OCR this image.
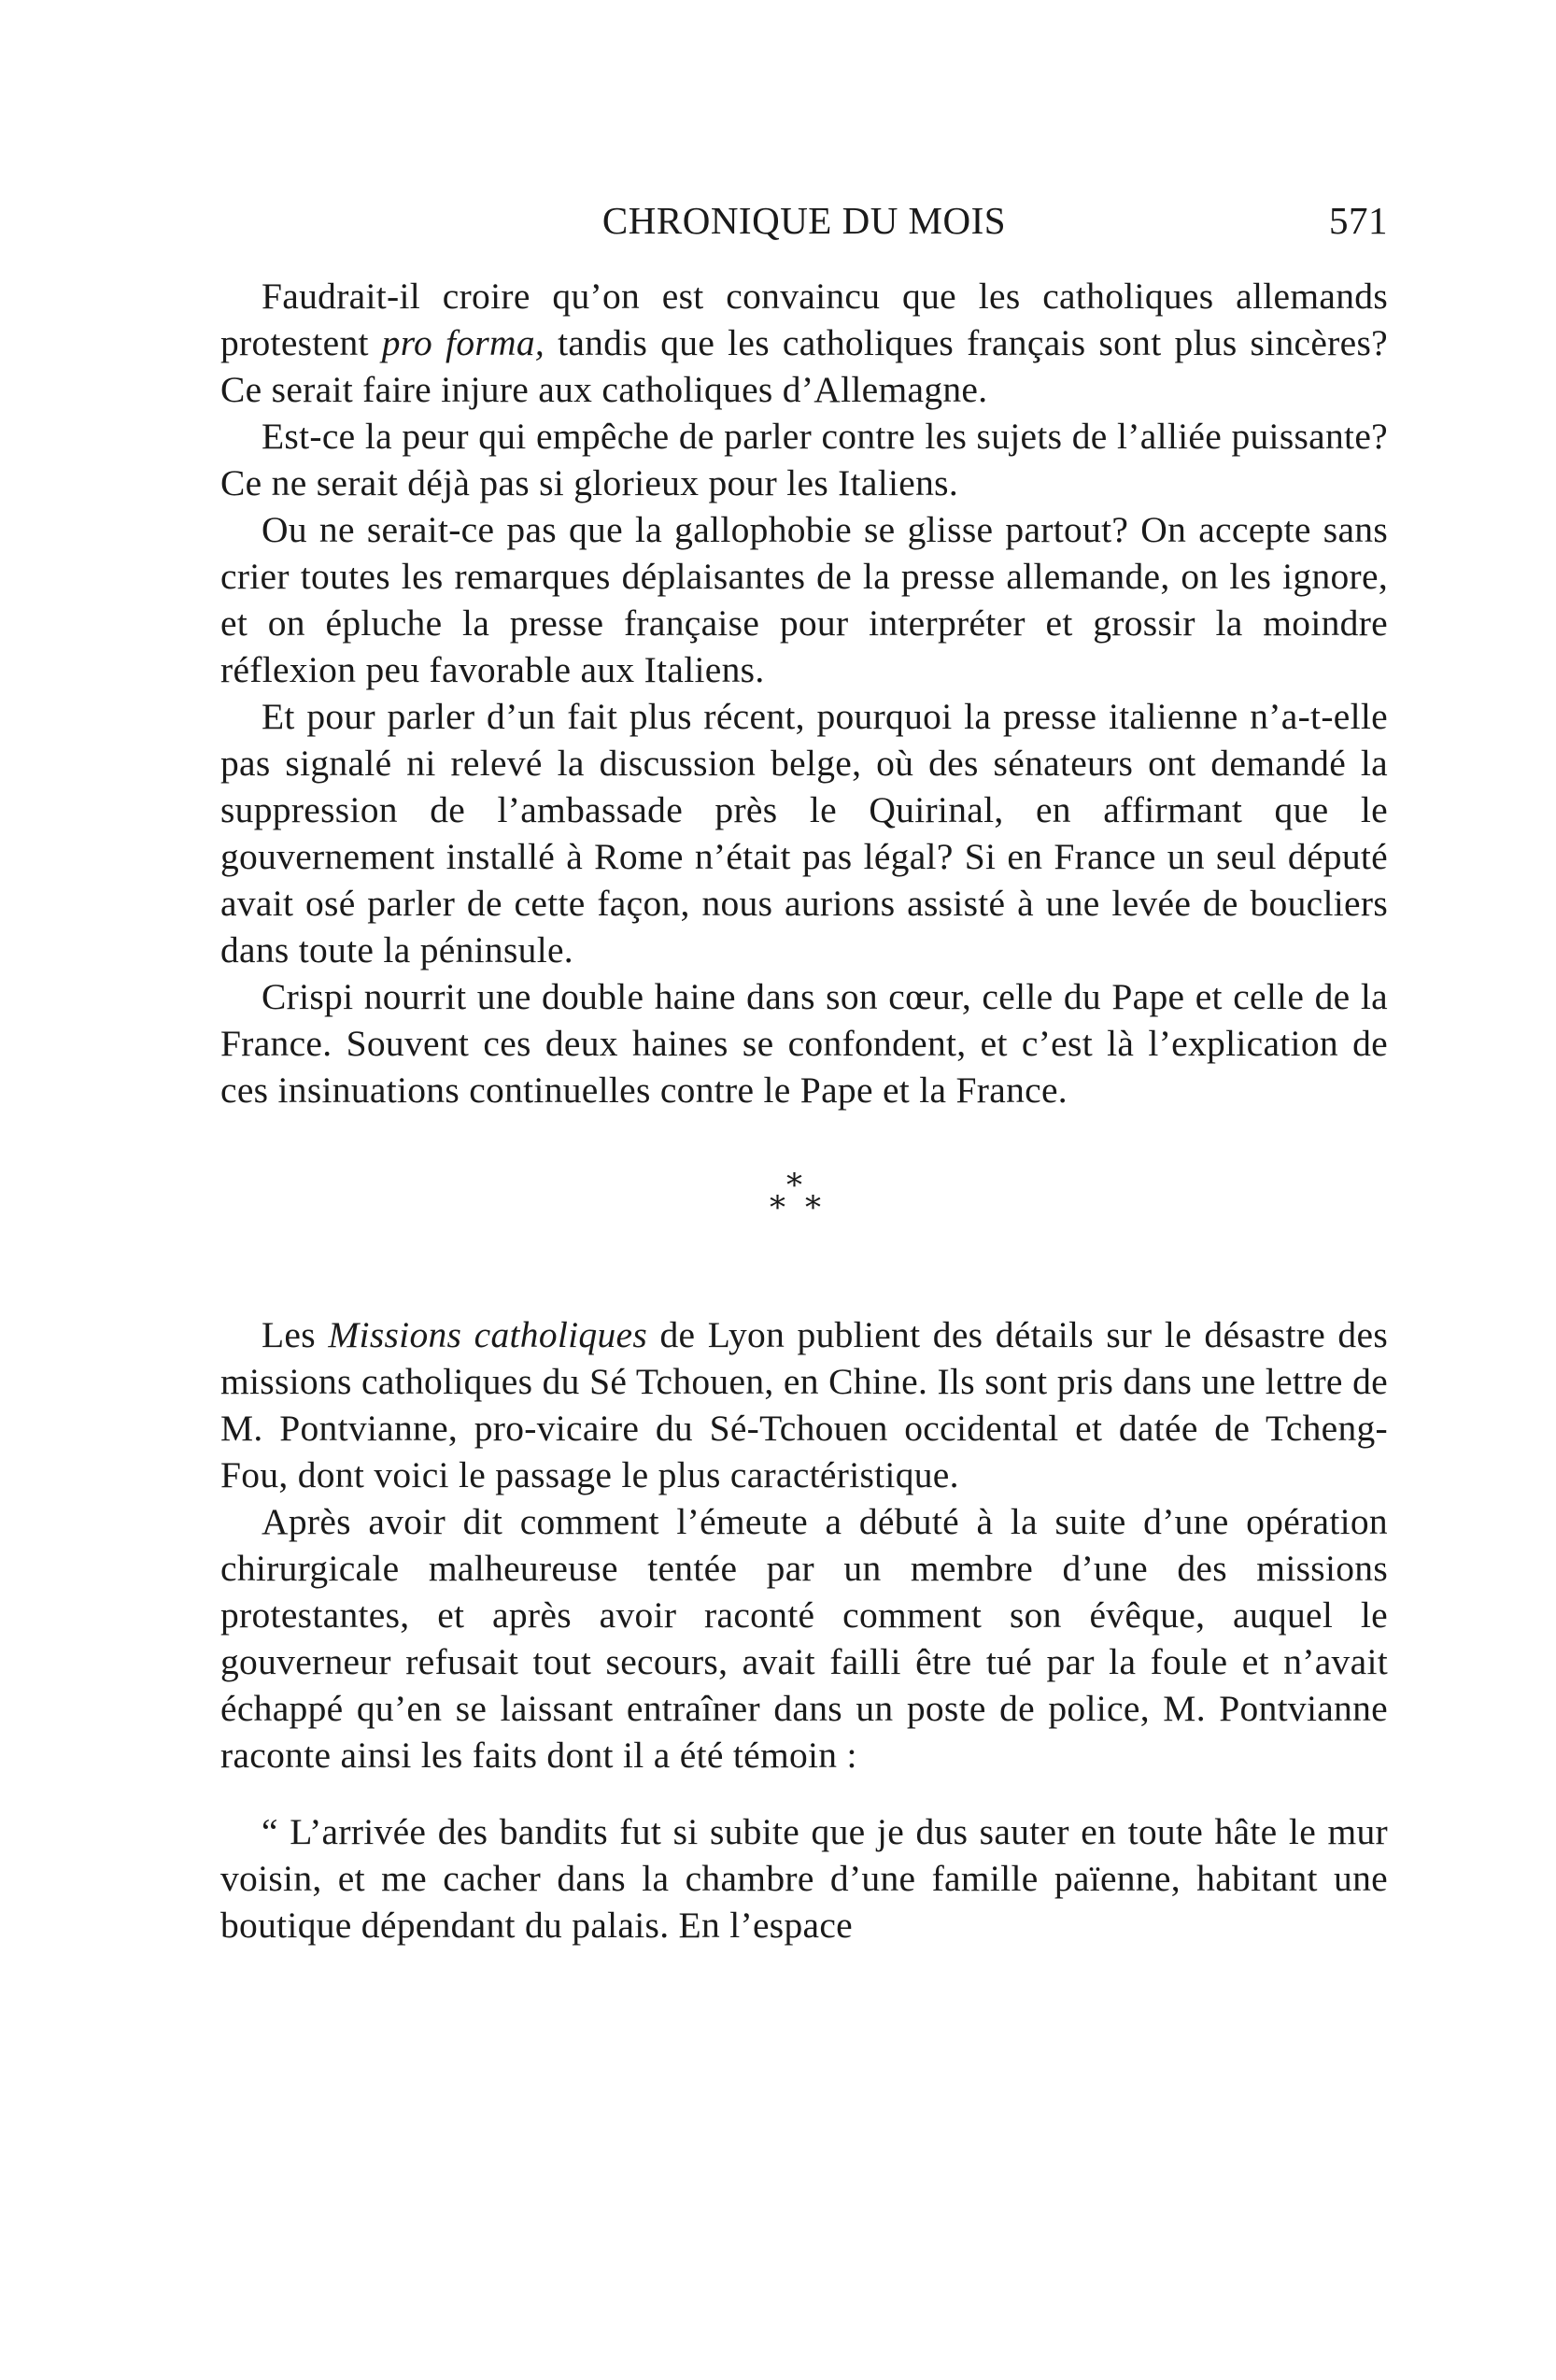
CHRONIQUE DU MOIS	571

Faudrait-il croire qu’on est convaincu que les catholiques allemands protestent pro forma, tandis que les catholiques français sont plus sincères? Ce serait faire injure aux catholiques d’Allemagne.

Est-ce la peur qui empêche de parler contre les sujets de l’alliée puissante? Ce ne serait déjà pas si glorieux pour les Italiens.

Ou ne serait-ce pas que la gallophobie se glisse partout? On accepte sans crier toutes les remarques déplaisantes de la presse allemande, on les ignore, et on épluche la presse française pour interpréter et grossir la moindre réflexion peu favorable aux Italiens.

Et pour parler d’un fait plus récent, pourquoi la presse italienne n’a-t-elle pas signalé ni relevé la discussion belge, où des sénateurs ont demandé la suppression de l’ambassade près le Quirinal, en affirmant que le gouvernement installé à Rome n’était pas légal? Si en France un seul député avait osé parler de cette façon, nous aurions assisté à une levée de boucliers dans toute la péninsule.

Crispi nourrit une double haine dans son cœur, celle du Pape et celle de la France. Souvent ces deux haines se confondent, et c’est là l’explication de ces insinuations continuelles contre le Pape et la France.

*
* *

Les Missions catholiques de Lyon publient des détails sur le désastre des missions catholiques du Sé Tchouen, en Chine. Ils sont pris dans une lettre de M. Pontvianne, pro-vicaire du Sé-Tchouen occidental et datée de Tcheng-Fou, dont voici le passage le plus caractéristique.

Après avoir dit comment l’émeute a débuté à la suite d’une opération chirurgicale malheureuse tentée par un membre d’une des missions protestantes, et après avoir raconté comment son évêque, auquel le gouverneur refusait tout secours, avait failli être tué par la foule et n’avait échappé qu’en se laissant entraîner dans un poste de police, M. Pontvianne raconte ainsi les faits dont il a été témoin :

“ L’arrivée des bandits fut si subite que je dus sauter en toute hâte le mur voisin, et me cacher dans la chambre d’une famille païenne, habitant une boutique dépendant du palais. En l’espace
